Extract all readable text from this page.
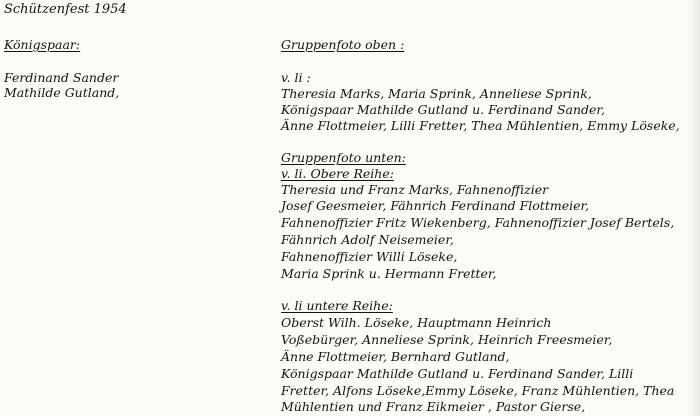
Schützenfest 1954
Königspaar:
Ferdinand Sander
Mathilde Gutland,
Gruppenfoto oben :
v. li :
Theresia Marks, Maria Sprink, Anneliese Sprink,
Königspaar Mathilde Gutland u. Ferdinand Sander,
Änne Flottmeier, Lilli Fretter, Thea Mühlentien, Emmy Löseke,
Gruppenfoto unten:
v. li. Obere Reihe:
Theresia und Franz Marks, Fahnenoffizier
Josef Geesmeier, Fähnrich Ferdinand Flottmeier,
Fahnenoffizier Fritz Wiekenberg, Fahnenoffizier Josef Bertels,
Fähnrich Adolf Neisemeier,
Fahnenoffizier Willi Löseke,
Maria Sprink u. Hermann Fretter,
v. li untere Reihe:
Oberst Wilh. Löseke, Hauptmann Heinrich
Voßebürger, Anneliese Sprink, Heinrich Freesmeier,
Änne Flottmeier, Bernhard Gutland,
Königspaar Mathilde Gutland u. Ferdinand Sander, Lilli
Fretter, Alfons Löseke,Emmy Löseke, Franz Mühlentien, Thea
Mühlentien und Franz Eikmeier , Pastor Gierse,
